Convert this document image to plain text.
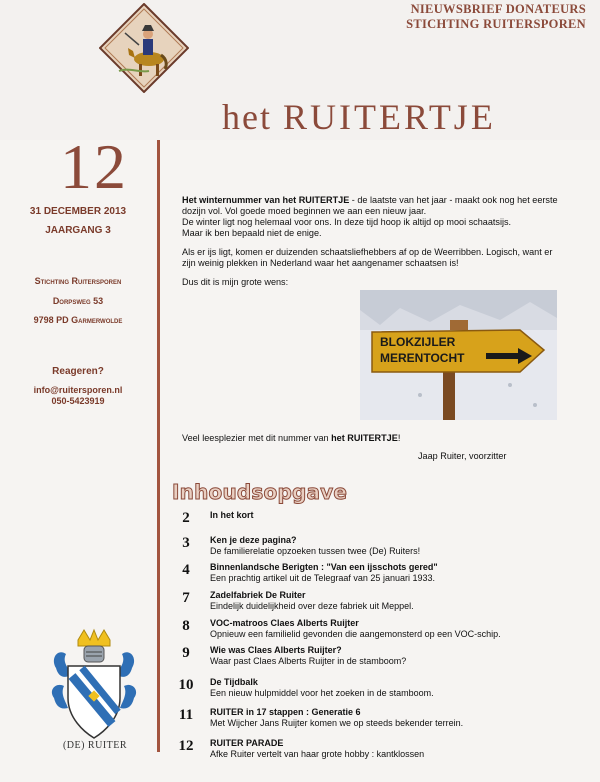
NIEUWSBRIEF DONATEURS
STICHTING RUITERSPOREN
het RUITERTJE
12
31 DECEMBER 2013
JAARGANG 3
Stichting Ruitersporen
Dorpsweg 53
9798 PD Garmerwolde
Reageren?
info@ruitersporen.nl
050-5423919
(DE) RUITER

Het winternummer van het RUITERTJE - de laatste van het jaar - maakt ook nog het eerste dozijn vol. Vol goede moed beginnen we aan een nieuw jaar.
De winter ligt nog helemaal voor ons. In deze tijd hoop ik altijd op mooi schaatsijs.
Maar ik ben bepaald niet de enige.

Als er ijs ligt, komen er duizenden schaatsliefhebbers af op de Weerribben. Logisch, want er zijn weinig plekken in Nederland waar het aangenamer schaatsen is!

Dus dit is mijn grote wens:

BLOKZIJLER
MERENTOCHT
Veel leesplezier met dit nummer van het RUITERTJE!
Jaap Ruiter, voorzitter
Inhoudsopgave
2	In het kort
3	Ken je deze pagina?
De familierelatie opzoeken tussen twee (De) Ruiters!
4	Binnenlandsche Berigten : "Van een ijsschots gered"
Een prachtig artikel uit de Telegraaf van 25 januari 1933.
7	Zadelfabriek De Ruiter
Eindelijk duidelijkheid over deze fabriek uit Meppel.
8	VOC-matroos Claes Alberts Ruijter
Opnieuw een familielid gevonden die aangemonsterd op een VOC-schip.
9	Wie was Claes Alberts Ruijter?
Waar past Claes Alberts Ruijter in de stamboom?
10 De Tijdbalk
Een nieuw hulpmiddel voor het zoeken in de stamboom.
11 RUITER in 17 stappen : Generatie 6
Met Wijcher Jans Ruijter komen we op steeds bekender terrein.
12 RUITER PARADE
Afke Ruiter vertelt van haar grote hobby : kantklossen
